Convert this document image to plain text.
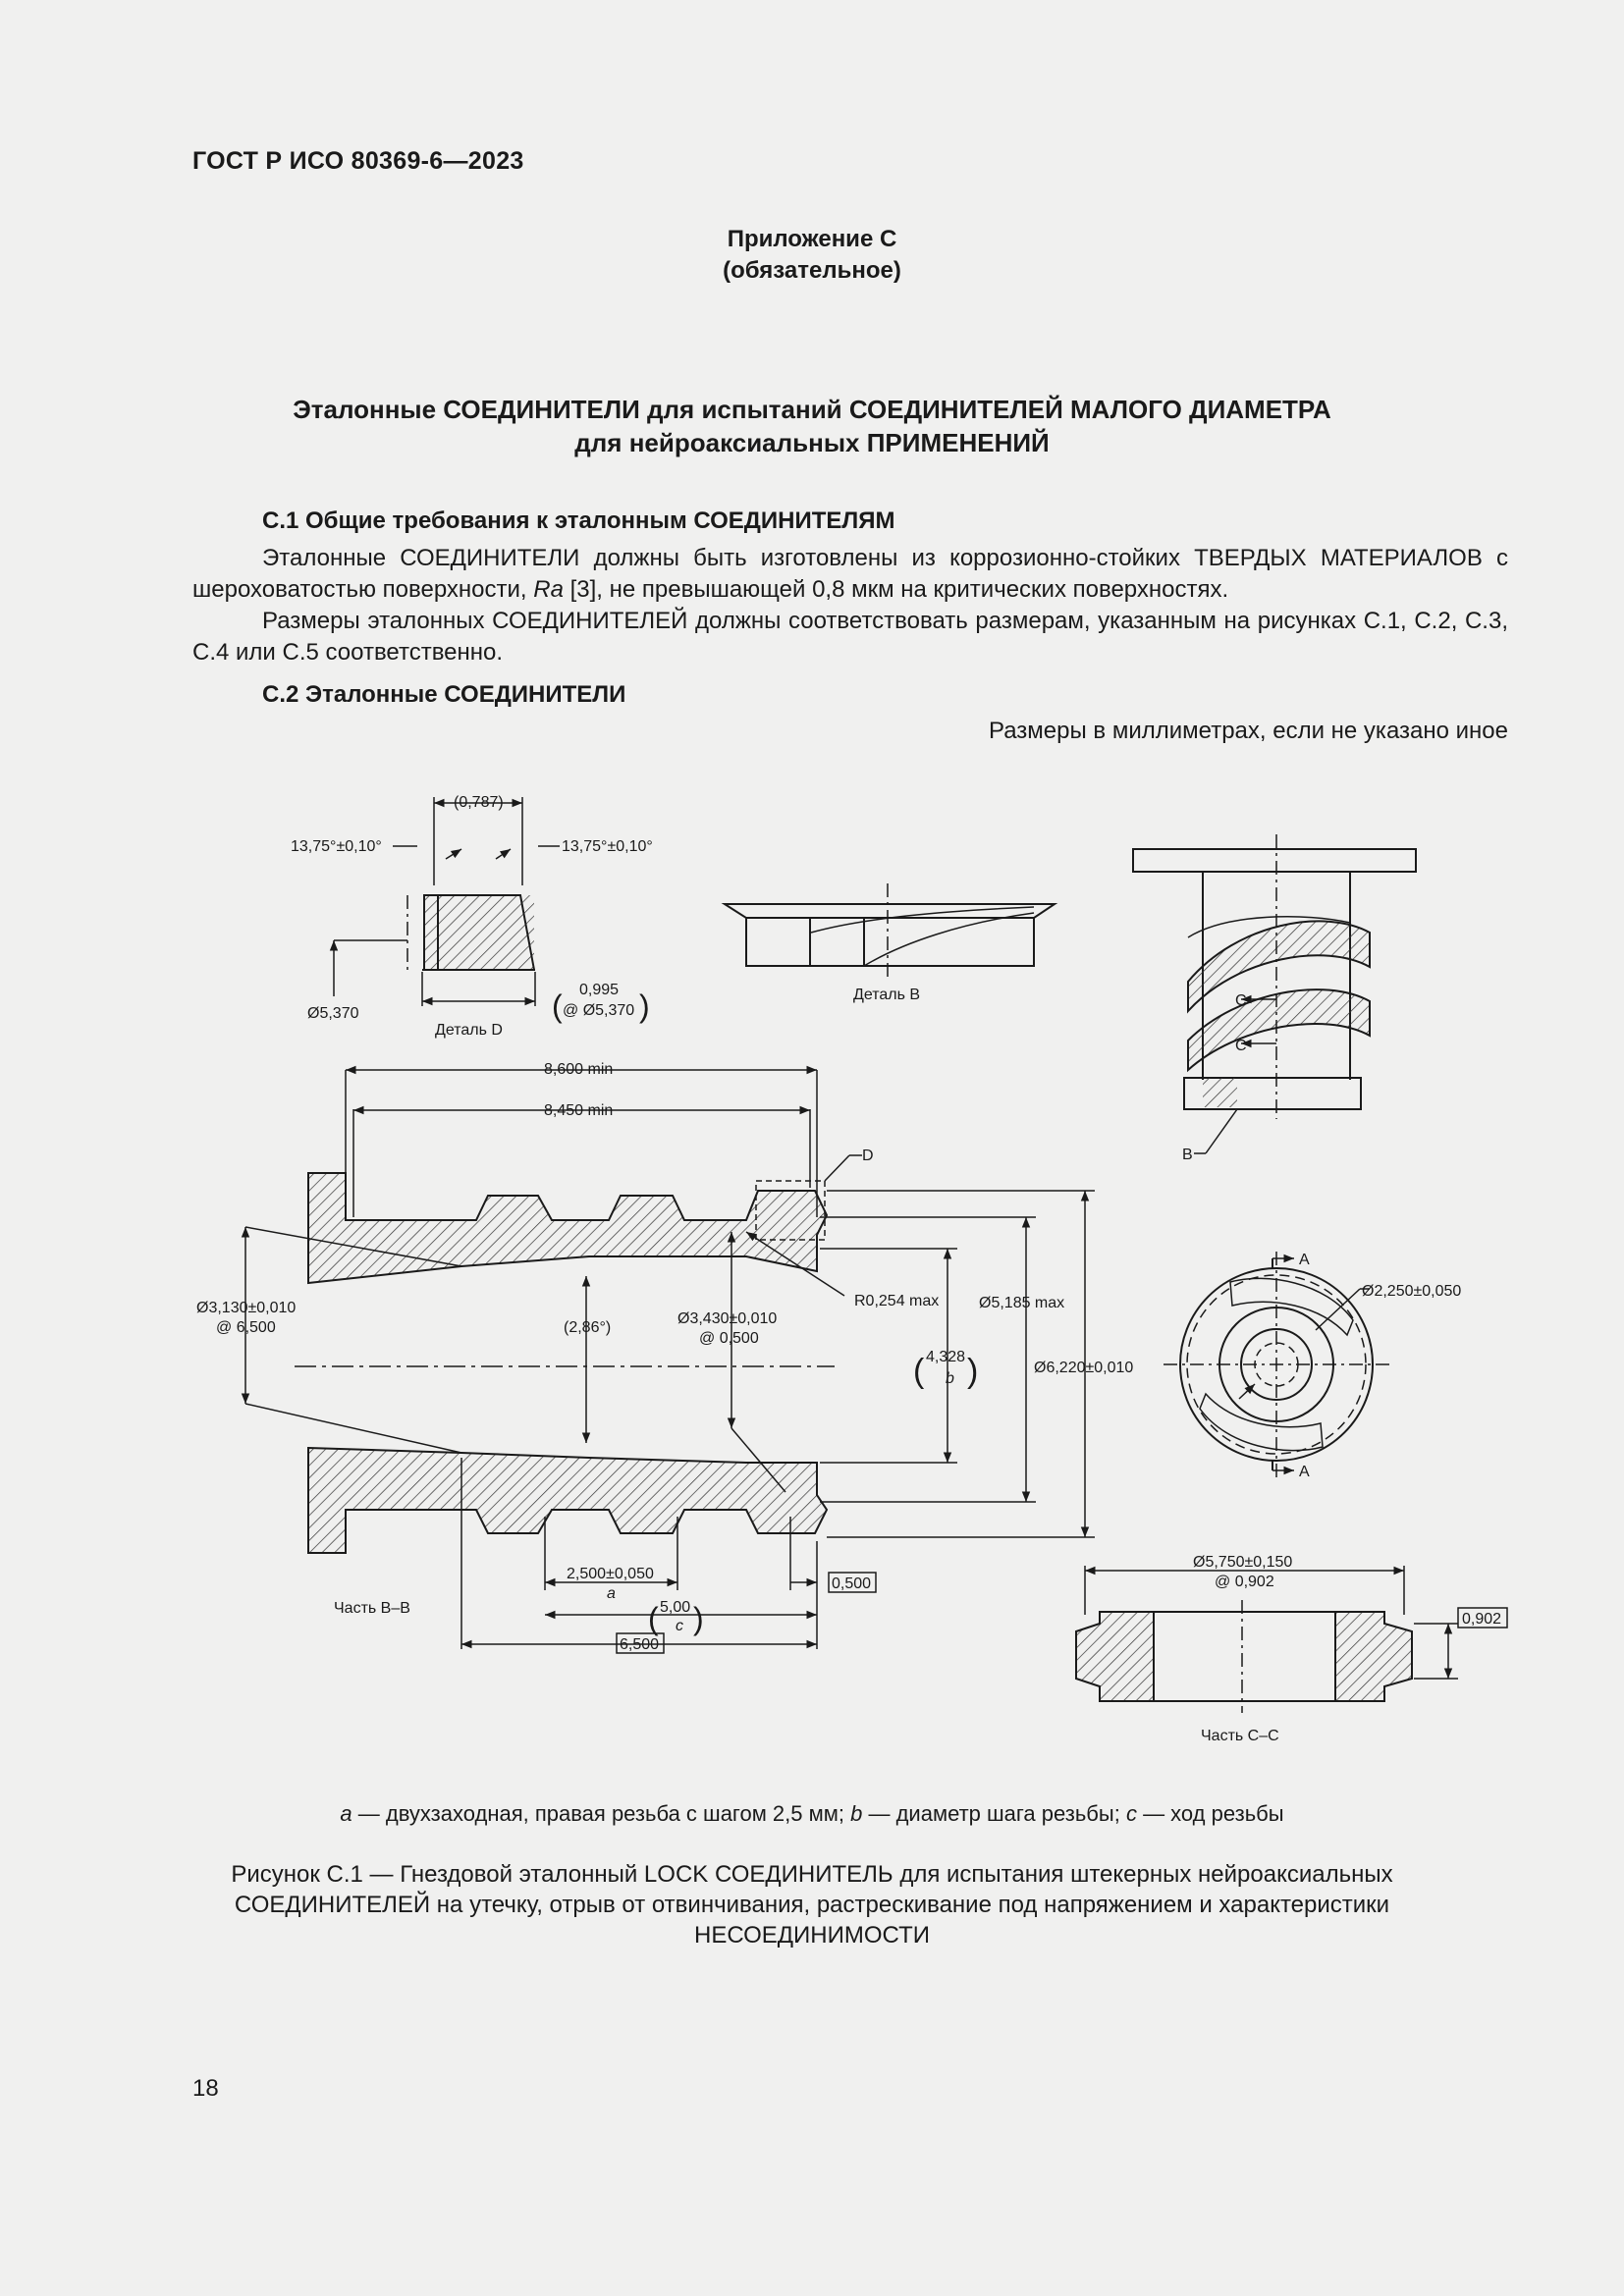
ГОСТ Р ИСО 80369-6—2023
Приложение С
(обязательное)
Эталонные СОЕДИНИТЕЛИ для испытаний СОЕДИНИТЕЛЕЙ МАЛОГО ДИАМЕТРА
для нейроаксиальных ПРИМЕНЕНИЙ
С.1 Общие требования к эталонным СОЕДИНИТЕЛЯМ
Эталонные СОЕДИНИТЕЛИ должны быть изготовлены из коррозионно-стойких ТВЕРДЫХ МАТЕРИАЛОВ с шероховатостью поверхности, Ra [3], не превышающей 0,8 мкм на критических поверхностях.
Размеры эталонных СОЕДИНИТЕЛЕЙ должны соответствовать размерам, указанным на рисунках С.1, С.2, С.3, С.4 или С.5 соответственно.
С.2 Эталонные СОЕДИНИТЕЛИ
Размеры в миллиметрах, если не указано иное
(0,787)
13,75°±0,10°	13,75°±0,10°
Ø5,370
0,995
@ Ø5,370
( )
Деталь D
Деталь В	C
C
B
8,600 min
8,450 min
D
Ø3,130±0,010
@ 6,500	(2,86°)
Ø3,430±0,010
@ 0,500
R0,254 max	Ø5,185 max
4,328
b
( )	Ø6,220±0,010
2,500±0,050
a
5,00
c
( )
0,500
6,500
Часть В–В
A
A
Ø2,250±0,050
Ø5,750±0,150
@ 0,902
0,902
Часть С–С
a — двухзаходная, правая резьба с шагом 2,5 мм; b — диаметр шага резьбы; c — ход резьбы
Рисунок С.1 — Гнездовой эталонный LOCK СОЕДИНИТЕЛЬ для испытания штекерных нейроаксиальных
СОЕДИНИТЕЛЕЙ на утечку, отрыв от отвинчивания, растрескивание под напряжением и характеристики
НЕСОЕДИНИМОСТИ
18
